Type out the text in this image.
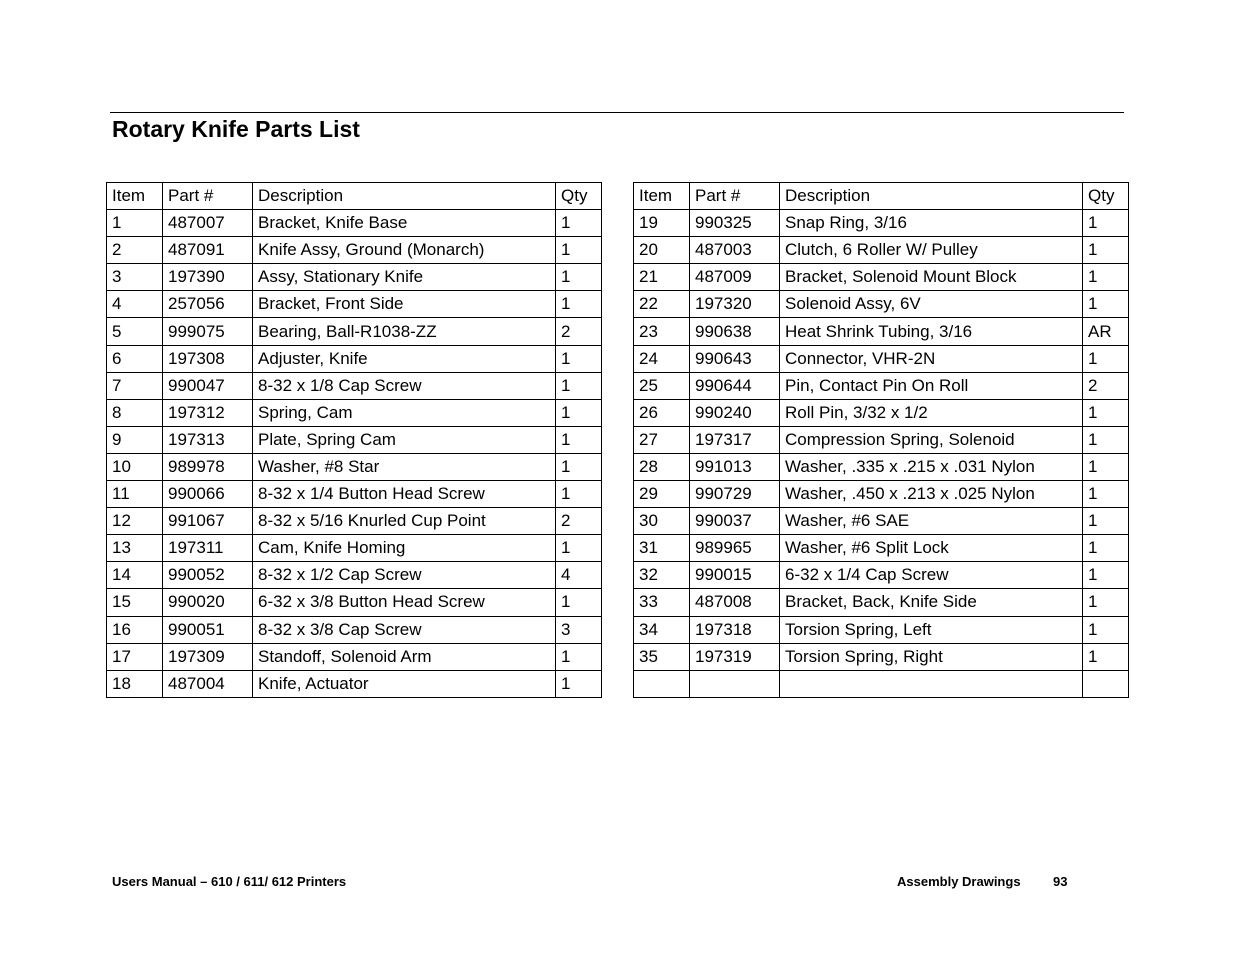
Rotary Knife Parts List
Item	Part #	Description	Qty
1	487007	Bracket, Knife Base	1
2	487091	Knife Assy, Ground (Monarch)	1
3	197390	Assy, Stationary Knife	1
4	257056	Bracket, Front Side	1
5	999075	Bearing, Ball-R1038-ZZ	2
6	197308	Adjuster, Knife	1
7	990047	8-32 x 1/8 Cap Screw	1
8	197312	Spring, Cam	1
9	197313	Plate, Spring Cam	1
10	989978	Washer, #8 Star	1
11	990066	8-32 x 1/4 Button Head Screw	1
12	991067	8-32 x 5/16 Knurled Cup Point	2
13	197311	Cam, Knife Homing	1
14	990052	8-32 x 1/2 Cap Screw	4
15	990020	6-32 x 3/8 Button Head Screw	1
16	990051	8-32 x 3/8 Cap Screw	3
17	197309	Standoff, Solenoid Arm	1
18	487004	Knife, Actuator	1
Item	Part #	Description	Qty
19	990325	Snap Ring, 3/16	1
20	487003	Clutch, 6 Roller W/ Pulley	1
21	487009	Bracket, Solenoid Mount Block	1
22	197320	Solenoid Assy, 6V	1
23	990638	Heat Shrink Tubing, 3/16	AR
24	990643	Connector, VHR-2N	1
25	990644	Pin, Contact Pin On Roll	2
26	990240	Roll Pin, 3/32 x 1/2	1
27	197317	Compression Spring, Solenoid	1
28	991013	Washer, .335 x .215 x .031 Nylon	1
29	990729	Washer, .450 x .213 x .025 Nylon	1
30	990037	Washer, #6 SAE	1
31	989965	Washer, #6 Split Lock	1
32	990015	6-32 x 1/4 Cap Screw	1
33	487008	Bracket, Back, Knife Side	1
34	197318	Torsion Spring, Left	1
35	197319	Torsion Spring, Right	1

Users Manual – 610 / 611/ 612 Printers	Assembly Drawings 93
